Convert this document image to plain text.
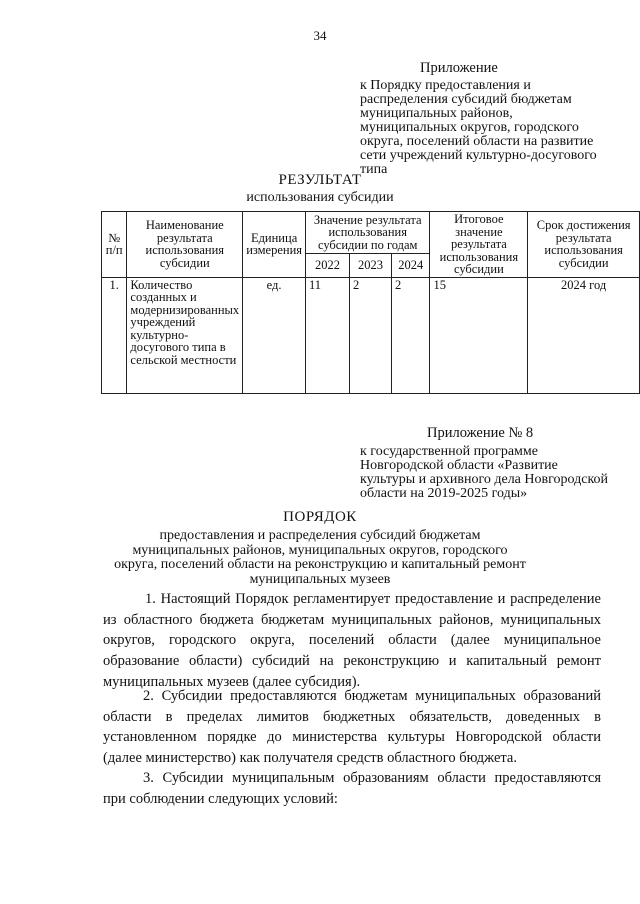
34
Приложение
к Порядку предоставления и распределения субсидий бюджетам муниципальных районов, муниципальных округов, городского округа, поселений области на развитие сети учреждений культурно-досугового типа
РЕЗУЛЬТАТ
использования субсидии
№ п/п	Наименование результата использования субсидии	Единица измерения	Значение результата использования субсидии по годам			Итоговое значение результата использования субсидии	Срок достижения результата использования субсидии
			2022	2023	2024		
1.	Количество созданных и модернизированных учреждений культурно-досугового типа в сельской местности	ед.	11	2	2	15	2024 год
Приложение № 8
к государственной программе Новгородской области «Развитие культуры и архивного дела Новгородской области на 2019-2025 годы»
ПОРЯДОК
предоставления и распределения субсидий бюджетам муниципальных районов, муниципальных округов, городского округа, поселений области на реконструкцию и капитальный ремонт муниципальных музеев

1. Настоящий Порядок регламентирует предоставление и распределение из областного бюджета бюджетам муниципальных районов, муниципальных округов, городского округа, поселений области (далее муниципальное образование области) субсидий на реконструкцию и капитальный ремонт муниципальных музеев (далее субсидия).

2. Субсидии предоставляются бюджетам муниципальных образований области в пределах лимитов бюджетных обязательств, доведенных в установленном порядке до министерства культуры Новгородской области (далее министерство) как получателя средств областного бюджета.

3. Субсидии муниципальным образованиям области предоставляются при соблюдении следующих условий:
